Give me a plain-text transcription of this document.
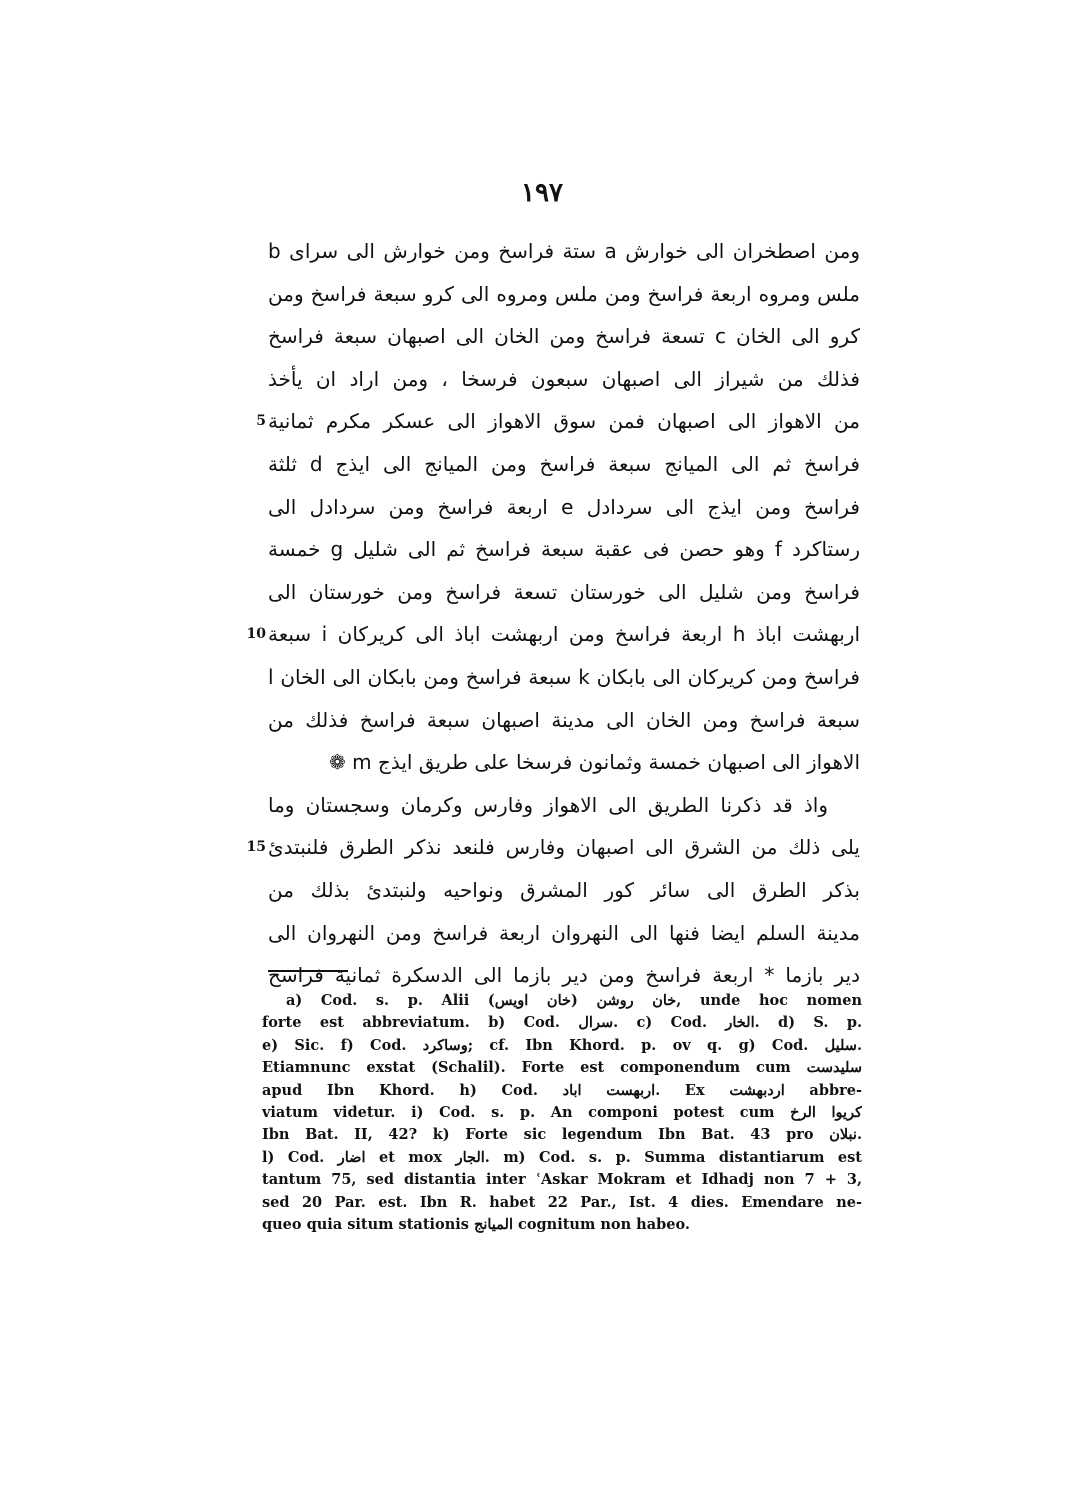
١٩٧
ومن اصطخران الى خوارش a ستة فراسخ ومن خوارش الى سراى b
ملس ومروه اربعة فراسخ ومن ملس ومروه الى كرو سبعة فراسخ ومن
كرو الى الخان c تسعة فراسخ ومن الخان الى اصبهان سبعة فراسخ
فذلك من شيراز الى اصبهان سبعون فرسخا ، ومن اراد ان يأخذ
5 من الاهواز الى اصبهان فمن سوق الاهواز الى عسكر مكرم ثمانية
فراسخ ثم الى الميانج سبعة فراسخ ومن الميانج الى ايذج d ثلثة
فراسخ ومن ايذج الى سردادل e اربعة فراسخ ومن سردادل الى
رستاكرد f وهو حصن فى عقبة سبعة فراسخ ثم الى شليل g خمسة
فراسخ ومن شليل الى خورستان تسعة فراسخ ومن خورستان الى
10 اربهشت اباذ h اربعة فراسخ ومن اربهشت اباذ الى كريركان i سبعة
فراسخ ومن كريركان الى بابكان k سبعة فراسخ ومن بابكان الى الخان l
سبعة فراسخ ومن الخان الى مدينة اصبهان سبعة فراسخ فذلك من
الاهواز الى اصبهان خمسة وثمانون فرسخا على طريق ايذج m ❁
واذ قد ذكرنا الطريق الى الاهواز وفارس وكرمان وسجستان وما
15 يلى ذلك من الشرق الى اصبهان وفارس فلنعد نذكر الطرق فلنبتدئ
بذكر الطرق الى سائر كور المشرق ونواحيه ولنبتدئ بذلك من
مدينة السلم ايضا فنها الى النهروان اربعة فراسخ ومن النهروان الى
دير بازما * اربعة فراسخ ومن دير بازما الى الدسكرة ثمانية فراسخ
a) Cod. s. p. Alii خان روشن (خان اويس), unde hoc nomen
forte est abbreviatum. b) Cod. سرال. c) Cod. الخار. d) S. p.
e) Sic. f) Cod. وساكرد; cf. Ibn Khord. p. ov q. g) Cod. سليل.
Etiamnunc exstat (Schalil). Forte est componendum cum سليدست
apud Ibn Khord. h) Cod. اربهست اباد. Ex اردبهشت abbre-
viatum videtur. i) Cod. s. p. An componi potest cum كريوا الرخ
Ibn Bat. II, 42? k) Forte sic legendum Ibn Bat. 43 pro نبلان.
l) Cod. اضار et mox الجار. m) Cod. s. p. Summa distantiarum est
tantum 75, sed distantia inter ʿAskar Mokram et Idhadj non 7 + 3,
sed 20 Par. est. Ibn R. habet 22 Par., Ist. 4 dies. Emendare ne-
queo quia situm stationis الميانج cognitum non habeo.
